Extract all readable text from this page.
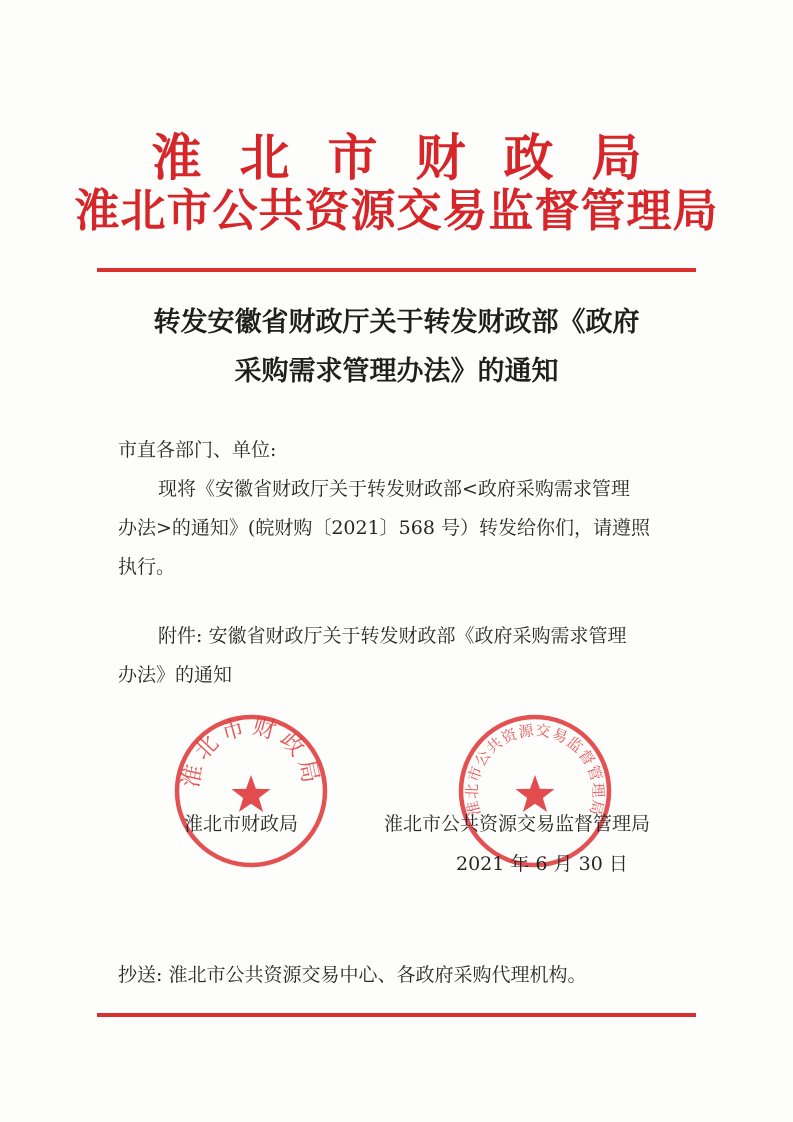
淮北市财政局
淮北市公共资源交易监督管理局
转发安徽省财政厅关于转发财政部《政府
采购需求管理办法》的通知
市直各部门、单位:
现将《安徽省财政厅关于转发财政部<政府采购需求管理
办法>的通知》(皖财购〔2021〕568 号）转发给你们，请遵照
执行。
附件: 安徽省财政厅关于转发财政部《政府采购需求管理
办法》的通知
淮北市财政局
淮北市公共资源交易监督管理局
淮北市财政局	淮北市公共资源交易监督管理局
2021 年 6 月 30 日
抄送: 淮北市公共资源交易中心、各政府采购代理机构。
